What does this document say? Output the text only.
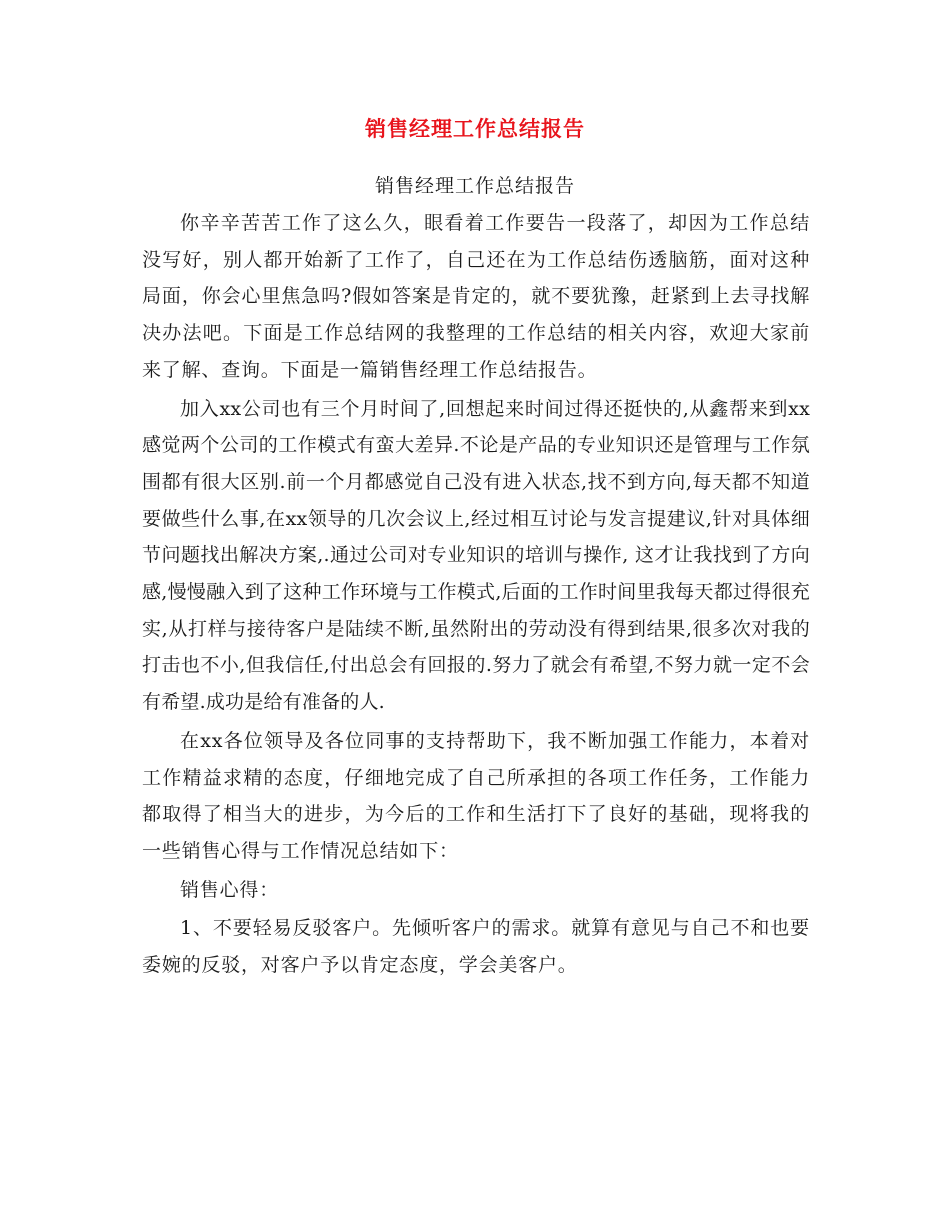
销售经理工作总结报告
销售经理工作总结报告

你辛辛苦苦工作了这么久，眼看着工作要告一段落了，却因为工作总结没写好，别人都开始新了工作了，自己还在为工作总结伤透脑筋，面对这种局面，你会心里焦急吗?假如答案是肯定的，就不要犹豫，赶紧到上去寻找解决办法吧。下面是工作总结网的我整理的工作总结的相关内容，欢迎大家前来了解、查询。下面是一篇销售经理工作总结报告。

加入xx公司也有三个月时间了,回想起来时间过得还挺快的,从鑫帮来到xx感觉两个公司的工作模式有蛮大差异.不论是产品的专业知识还是管理与工作氛围都有很大区别.前一个月都感觉自己没有进入状态,找不到方向,每天都不知道要做些什么事,在xx领导的几次会议上,经过相互讨论与发言提建议,针对具体细节问题找出解决方案,.通过公司对专业知识的培训与操作, 这才让我找到了方向感,慢慢融入到了这种工作环境与工作模式,后面的工作时间里我每天都过得很充实,从打样与接待客户是陆续不断,虽然附出的劳动没有得到结果,很多次对我的打击也不小,但我信任,付出总会有回报的.努力了就会有希望,不努力就一定不会有希望.成功是给有准备的人.

在xx各位领导及各位同事的支持帮助下，我不断加强工作能力，本着对工作精益求精的态度，仔细地完成了自己所承担的各项工作任务，工作能力都取得了相当大的进步，为今后的工作和生活打下了良好的基础，现将我的一些销售心得与工作情况总结如下：

销售心得：

1、不要轻易反驳客户。先倾听客户的需求。就算有意见与自己不和也要委婉的反驳，对客户予以肯定态度，学会美客户。
